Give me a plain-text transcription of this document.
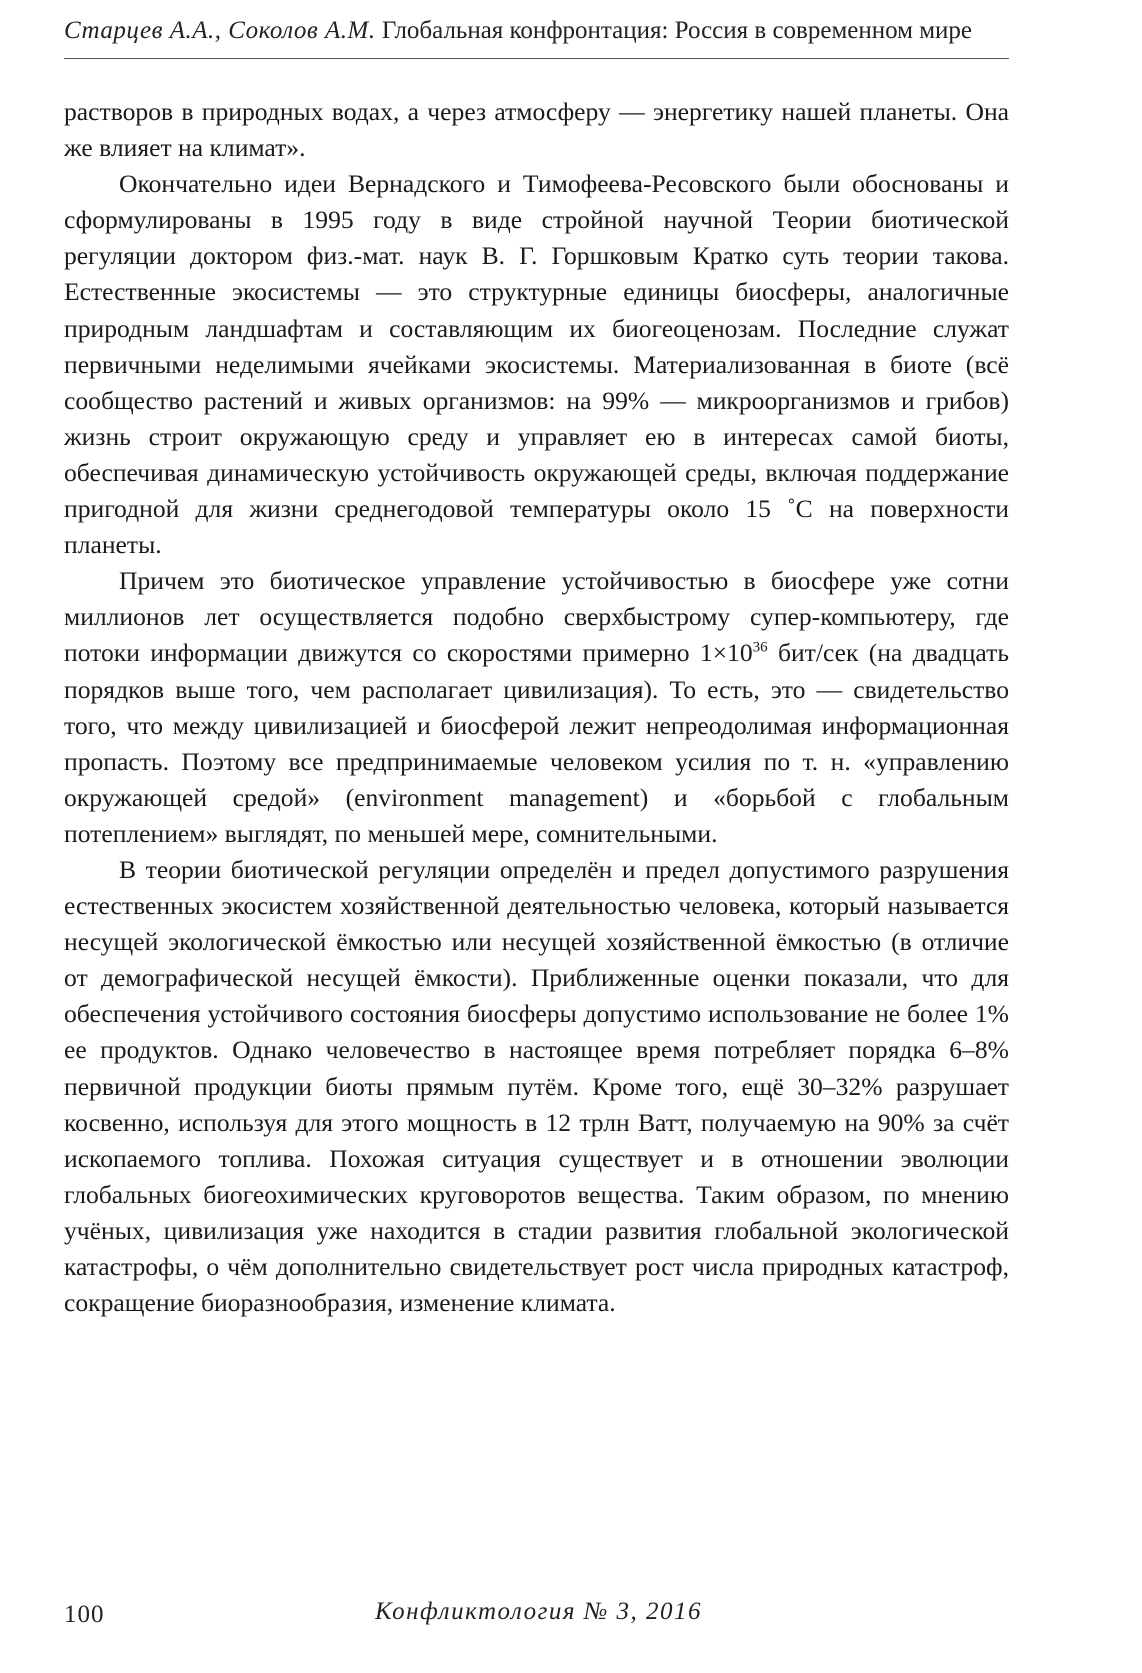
Старцев А.А., Соколов А.М. Глобальная конфронтация: Россия в современном мире

растворов в природных водах, а через атмосферу — энергетику нашей планеты. Она же влияет на климат».

Окончательно идеи Вернадского и Тимофеева-Ресовского были обоснованы и сформулированы в 1995 году в виде стройной научной Теории биотической регуляции доктором физ.-мат. наук В. Г. Горшковым Кратко суть теории такова. Естественные экосистемы — это структурные единицы биосферы, аналогичные природным ландшафтам и составляющим их биогеоценозам. Последние служат первичными неделимыми ячейками экосистемы. Материализованная в биоте (всё сообщество растений и живых организмов: на 99% — микроорганизмов и грибов) жизнь строит окружающую среду и управляет ею в интересах самой биоты, обеспечивая динамическую устойчивость окружающей среды, включая поддержание пригодной для жизни среднегодовой температуры около 15 ˚С на поверхности планеты.

Причем это биотическое управление устойчивостью в биосфере уже сотни миллионов лет осуществляется подобно сверхбыстрому супер-компьютеру, где потоки информации движутся со скоростями примерно $1\times 10^{36}$ бит/сек (на двадцать порядков выше того, чем располагает цивилизация). То есть, это — свидетельство того, что между цивилизацией и биосферой лежит непреодолимая информационная пропасть. Поэтому все предпринимаемые человеком усилия по т. н. «управлению окружающей средой» (environment management) и «борьбой с глобальным потеплением» выглядят, по меньшей мере, сомнительными.

В теории биотической регуляции определён и предел допустимого разрушения естественных экосистем хозяйственной деятельностью человека, который называется несущей экологической ёмкостью или несущей хозяйственной ёмкостью (в отличие от демографической несущей ёмкости). Приближенные оценки показали, что для обеспечения устойчивого состояния биосферы допустимо использование не более 1% ее продуктов. Однако человечество в настоящее время потребляет порядка 6–8% первичной продукции биоты прямым путём. Кроме того, ещё 30–32% разрушает косвенно, используя для этого мощность в 12 трлн Ватт, получаемую на 90% за счёт ископаемого топлива. Похожая ситуация существует и в отношении эволюции глобальных биогеохимических круговоротов вещества. Таким образом, по мнению учёных, цивилизация уже находится в стадии развития глобальной экологической катастрофы, о чём дополнительно свидетельствует рост числа природных катастроф, сокращение биоразнообразия, изменение климата.

100	Конфликтология № 3, 2016
